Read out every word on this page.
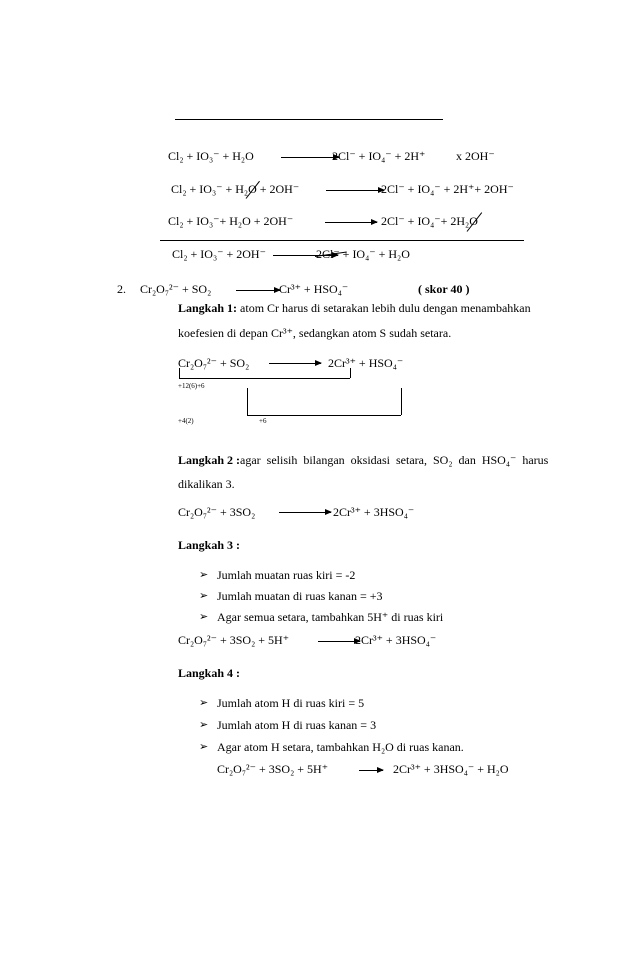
Cl₂ + IO₃⁻ + H₂O	2Cl⁻ + IO₄⁻ + 2H⁺	x 2OH⁻
Cl₂ + IO₃⁻ + H₂O + 2OH⁻	2Cl⁻ + IO₄⁻ + 2H⁺+ 2OH⁻
Cl₂ + IO₃⁻+ H₂O + 2OH⁻	2Cl⁻ + IO₄⁻+ 2H₂O
Cl₂ + IO₃⁻ + 2OH⁻	2Cl⁻ + IO₄⁻ + H₂O
2. Cr₂O₇²⁻ + SO₂	Cr³⁺ + HSO₄⁻	( skor 40 )
Langkah 1: atom Cr harus di setarakan lebih dulu dengan menambahkan
koefesien di depan Cr³⁺, sedangkan atom S sudah setara.
Cr₂O₇²⁻ + SO₂	2Cr³⁺ + HSO₄⁻
+12(6)+6
+4(2)	+6
Langkah 2 :agar selisih bilangan oksidasi setara, SO₂ dan HSO₄⁻ harus
dikalikan 3.
Cr₂O₇²⁻ + 3SO₂	2Cr³⁺ + 3HSO₄⁻
Langkah 3 :
➢ Jumlah muatan ruas kiri = -2
➢ Jumlah muatan di ruas kanan = +3
➢ Agar semua setara, tambahkan 5H⁺ di ruas kiri
Cr₂O₇²⁻ + 3SO₂ + 5H⁺	2Cr³⁺ + 3HSO₄⁻
Langkah 4 :
➢ Jumlah atom H di ruas kiri = 5
➢ Jumlah atom H di ruas kanan = 3
➢ Agar atom H setara, tambahkan H₂O di ruas kanan.
Cr₂O₇²⁻ + 3SO₂ + 5H⁺	2Cr³⁺ + 3HSO₄⁻ + H₂O
